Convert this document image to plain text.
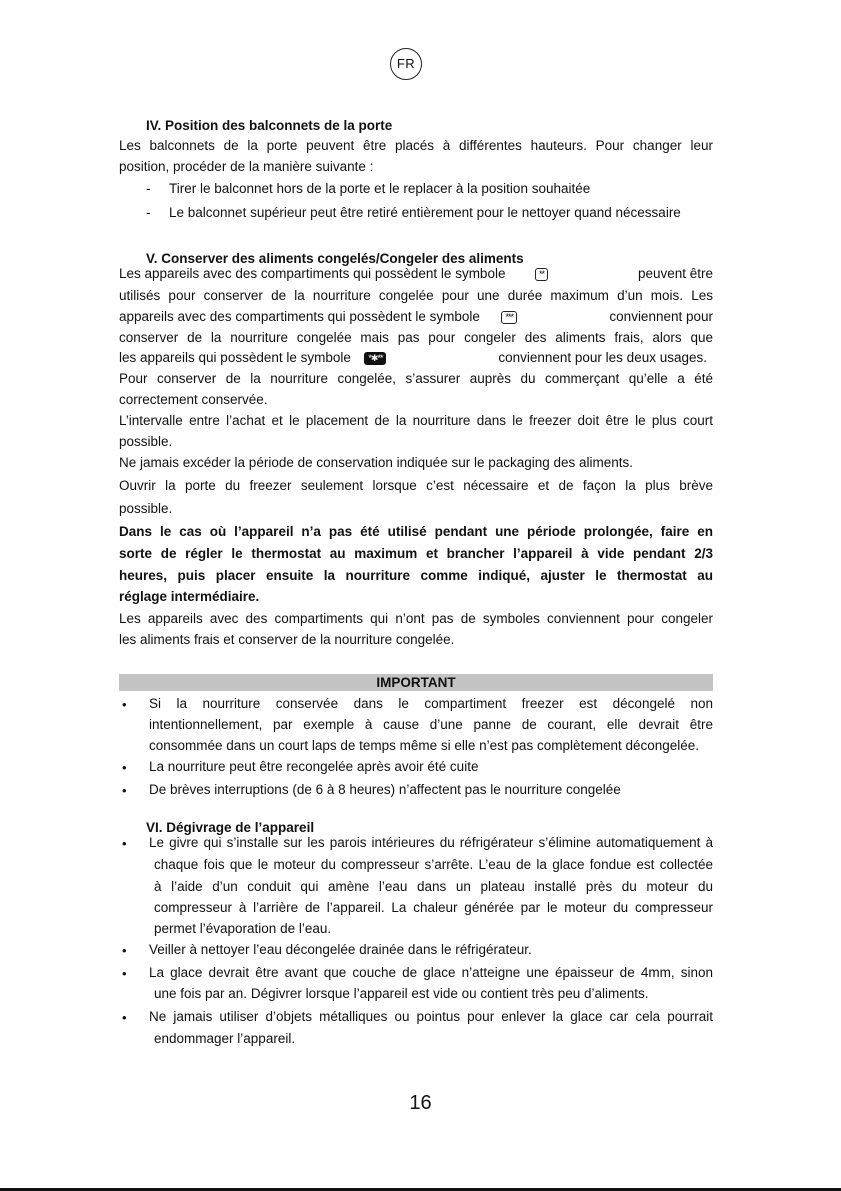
FR
IV. Position des balconnets de la porte
Les balconnets de la porte peuvent être placés à différentes hauteurs. Pour changer leur
position, procéder de la manière suivante :
- Tirer le balconnet hors de la porte et le replacer à la position souhaitée
- Le balconnet supérieur peut être retiré entièrement pour le nettoyer quand nécessaire
V. Conserver des aliments congelés/Congeler des aliments
Les appareils avec des compartiments qui possèdent le symbole	**	peuvent être
utilisés pour conserver de la nourriture congelée pour une durée maximum d’un mois. Les
appareils avec des compartiments qui possèdent le symbole	***	conviennent pour
conserver de la nourriture congelée mais pas pour congeler des aliments frais, alors que
les appareils qui possèdent le symbole *✱**	conviennent pour les deux usages.
Pour conserver de la nourriture congelée, s’assurer auprès du commerçant qu’elle a été
correctement conservée.
L’intervalle entre l’achat et le placement de la nourriture dans le freezer doit être le plus court
possible.
Ne jamais excéder la période de conservation indiquée sur le packaging des aliments.
Ouvrir la porte du freezer seulement lorsque c’est nécessaire et de façon la plus brève
possible.
Dans le cas où l’appareil n’a pas été utilisé pendant une période prolongée, faire en
sorte de régler le thermostat au maximum et brancher l’appareil à vide pendant 2/3
heures, puis placer ensuite la nourriture comme indiqué, ajuster le thermostat au
réglage intermédiaire.
Les appareils avec des compartiments qui n’ont pas de symboles conviennent pour congeler
les aliments frais et conserver de la nourriture congelée.
IMPORTANT
• Si la nourriture conservée dans le compartiment freezer est décongelé non
intentionnellement, par exemple à cause d’une panne de courant, elle devrait être
consommée dans un court laps de temps même si elle n’est pas complètement décongelée.
• La nourriture peut être recongelée après avoir été cuite
• De brèves interruptions (de 6 à 8 heures) n’affectent pas le nourriture congelée
VI. Dégivrage de l’appareil
• Le givre qui s’installe sur les parois intérieures du réfrigérateur s’élimine automatiquement à
chaque fois que le moteur du compresseur s’arrête. L’eau de la glace fondue est collectée
à l’aide d’un conduit qui amène l’eau dans un plateau installé près du moteur du
compresseur à l’arrière de l’appareil. La chaleur générée par le moteur du compresseur
permet l’évaporation de l’eau.
• Veiller à nettoyer l’eau décongelée drainée dans le réfrigérateur.
• La glace devrait être avant que couche de glace n’atteigne une épaisseur de 4mm, sinon
une fois par an. Dégivrer lorsque l’appareil est vide ou contient très peu d’aliments.
• Ne jamais utiliser d’objets métalliques ou pointus pour enlever la glace car cela pourrait
endommager l’appareil.
16
